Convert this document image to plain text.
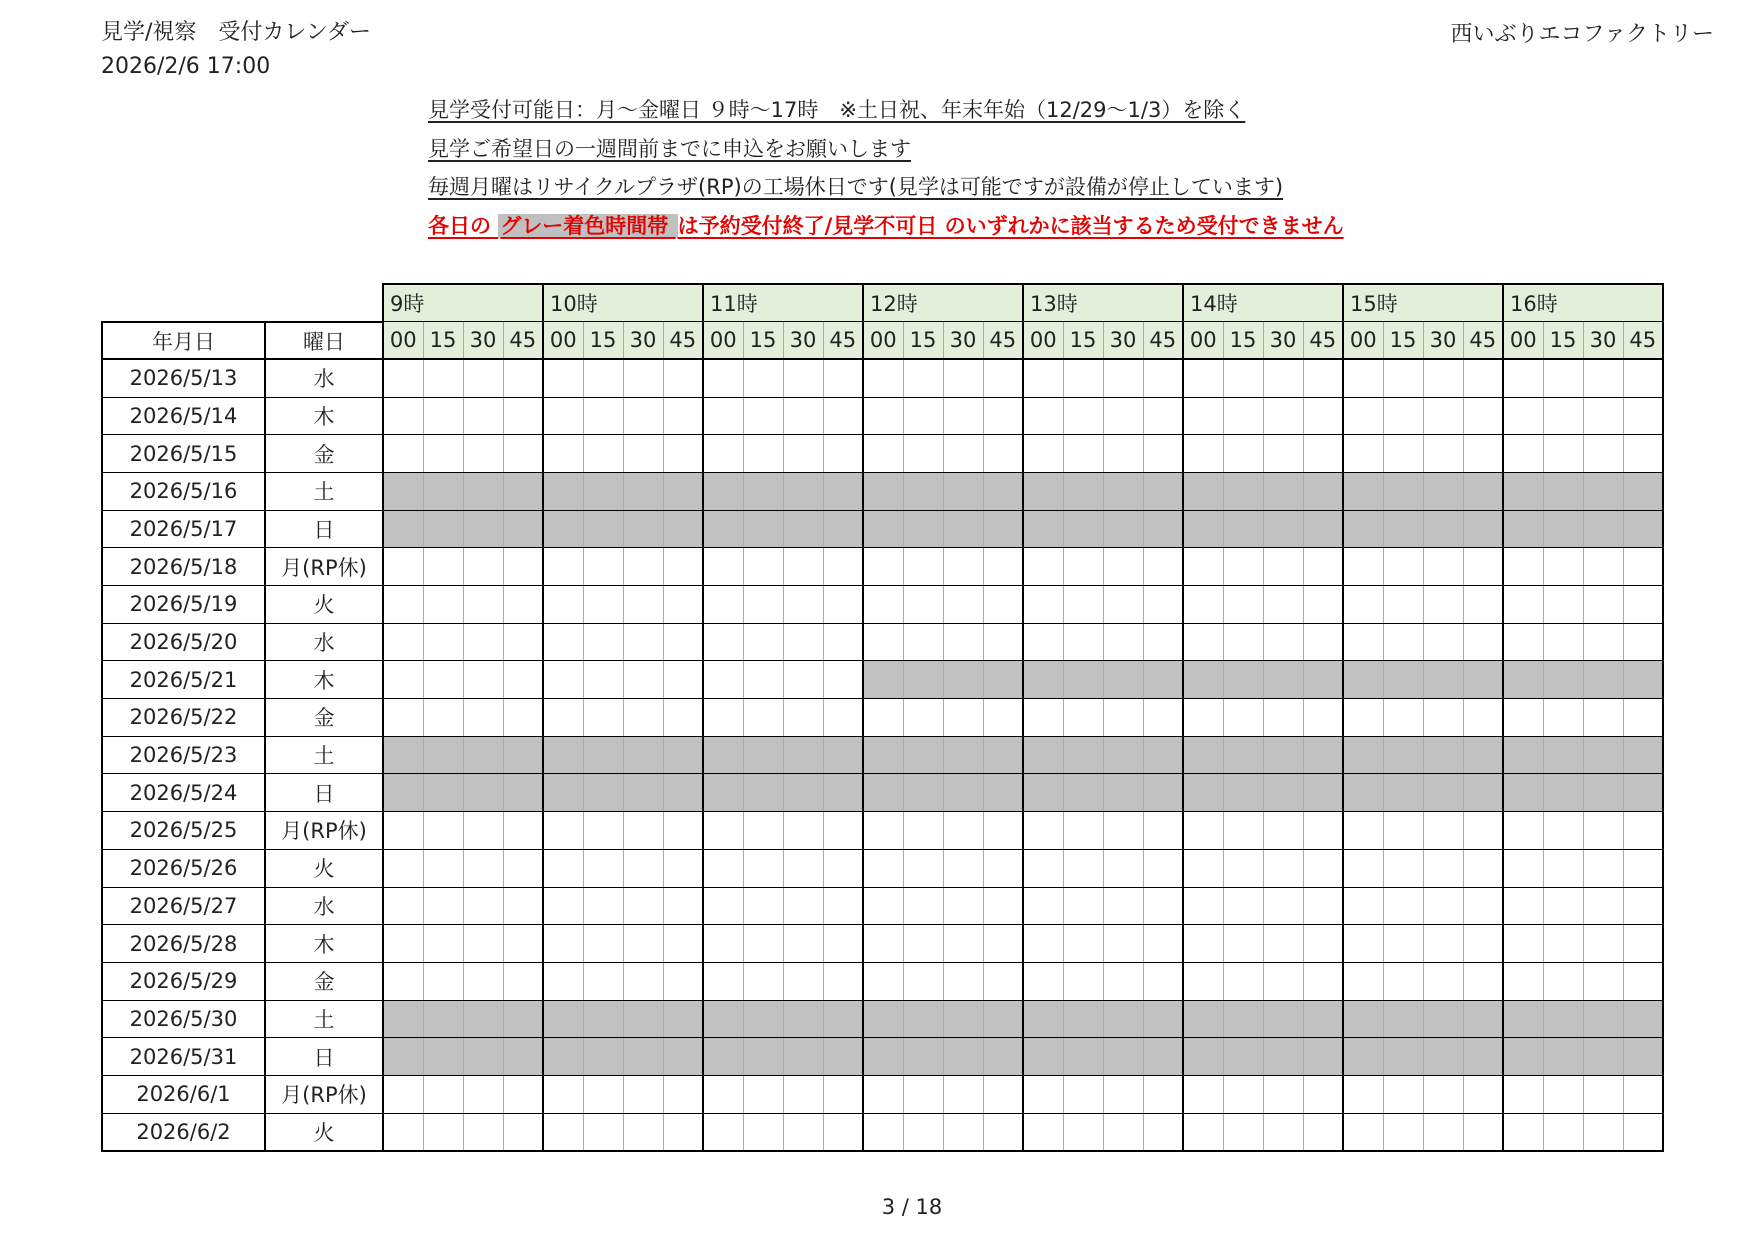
見学/視察　受付カレンダー
2026/2/6 17:00
西いぶりエコファクトリー
見学受付可能日：月～金曜日 ９時～17時　※土日祝、年末年始（12/29～1/3）を除く
見学ご希望日の一週間前までに申込をお願いします
毎週月曜はリサイクルプラザ(RP)の工場休日です(見学は可能ですが設備が停止しています)
各日の グレー着色時間帯 は予約受付終了/見学不可日 のいずれかに該当するため受付できません
		9時				10時				11時				12時				13時				14時				15時				16時			
年月日	曜日	00	15	30	45	00	15	30	45	00	15	30	45	00	15	30	45	00	15	30	45	00	15	30	45	00	15	30	45	00	15	30	45
2026/5/13	水																																
2026/5/14	木																																
2026/5/15	金																																
2026/5/16	土																																
2026/5/17	日																																
2026/5/18	月(RP休)																																
2026/5/19	火																																
2026/5/20	水																																
2026/5/21	木																																
2026/5/22	金																																
2026/5/23	土																																
2026/5/24	日																																
2026/5/25	月(RP休)																																
2026/5/26	火																																
2026/5/27	水																																
2026/5/28	木																																
2026/5/29	金																																
2026/5/30	土																																
2026/5/31	日																																
2026/6/1	月(RP休)																																
2026/6/2	火																																
3 / 18
